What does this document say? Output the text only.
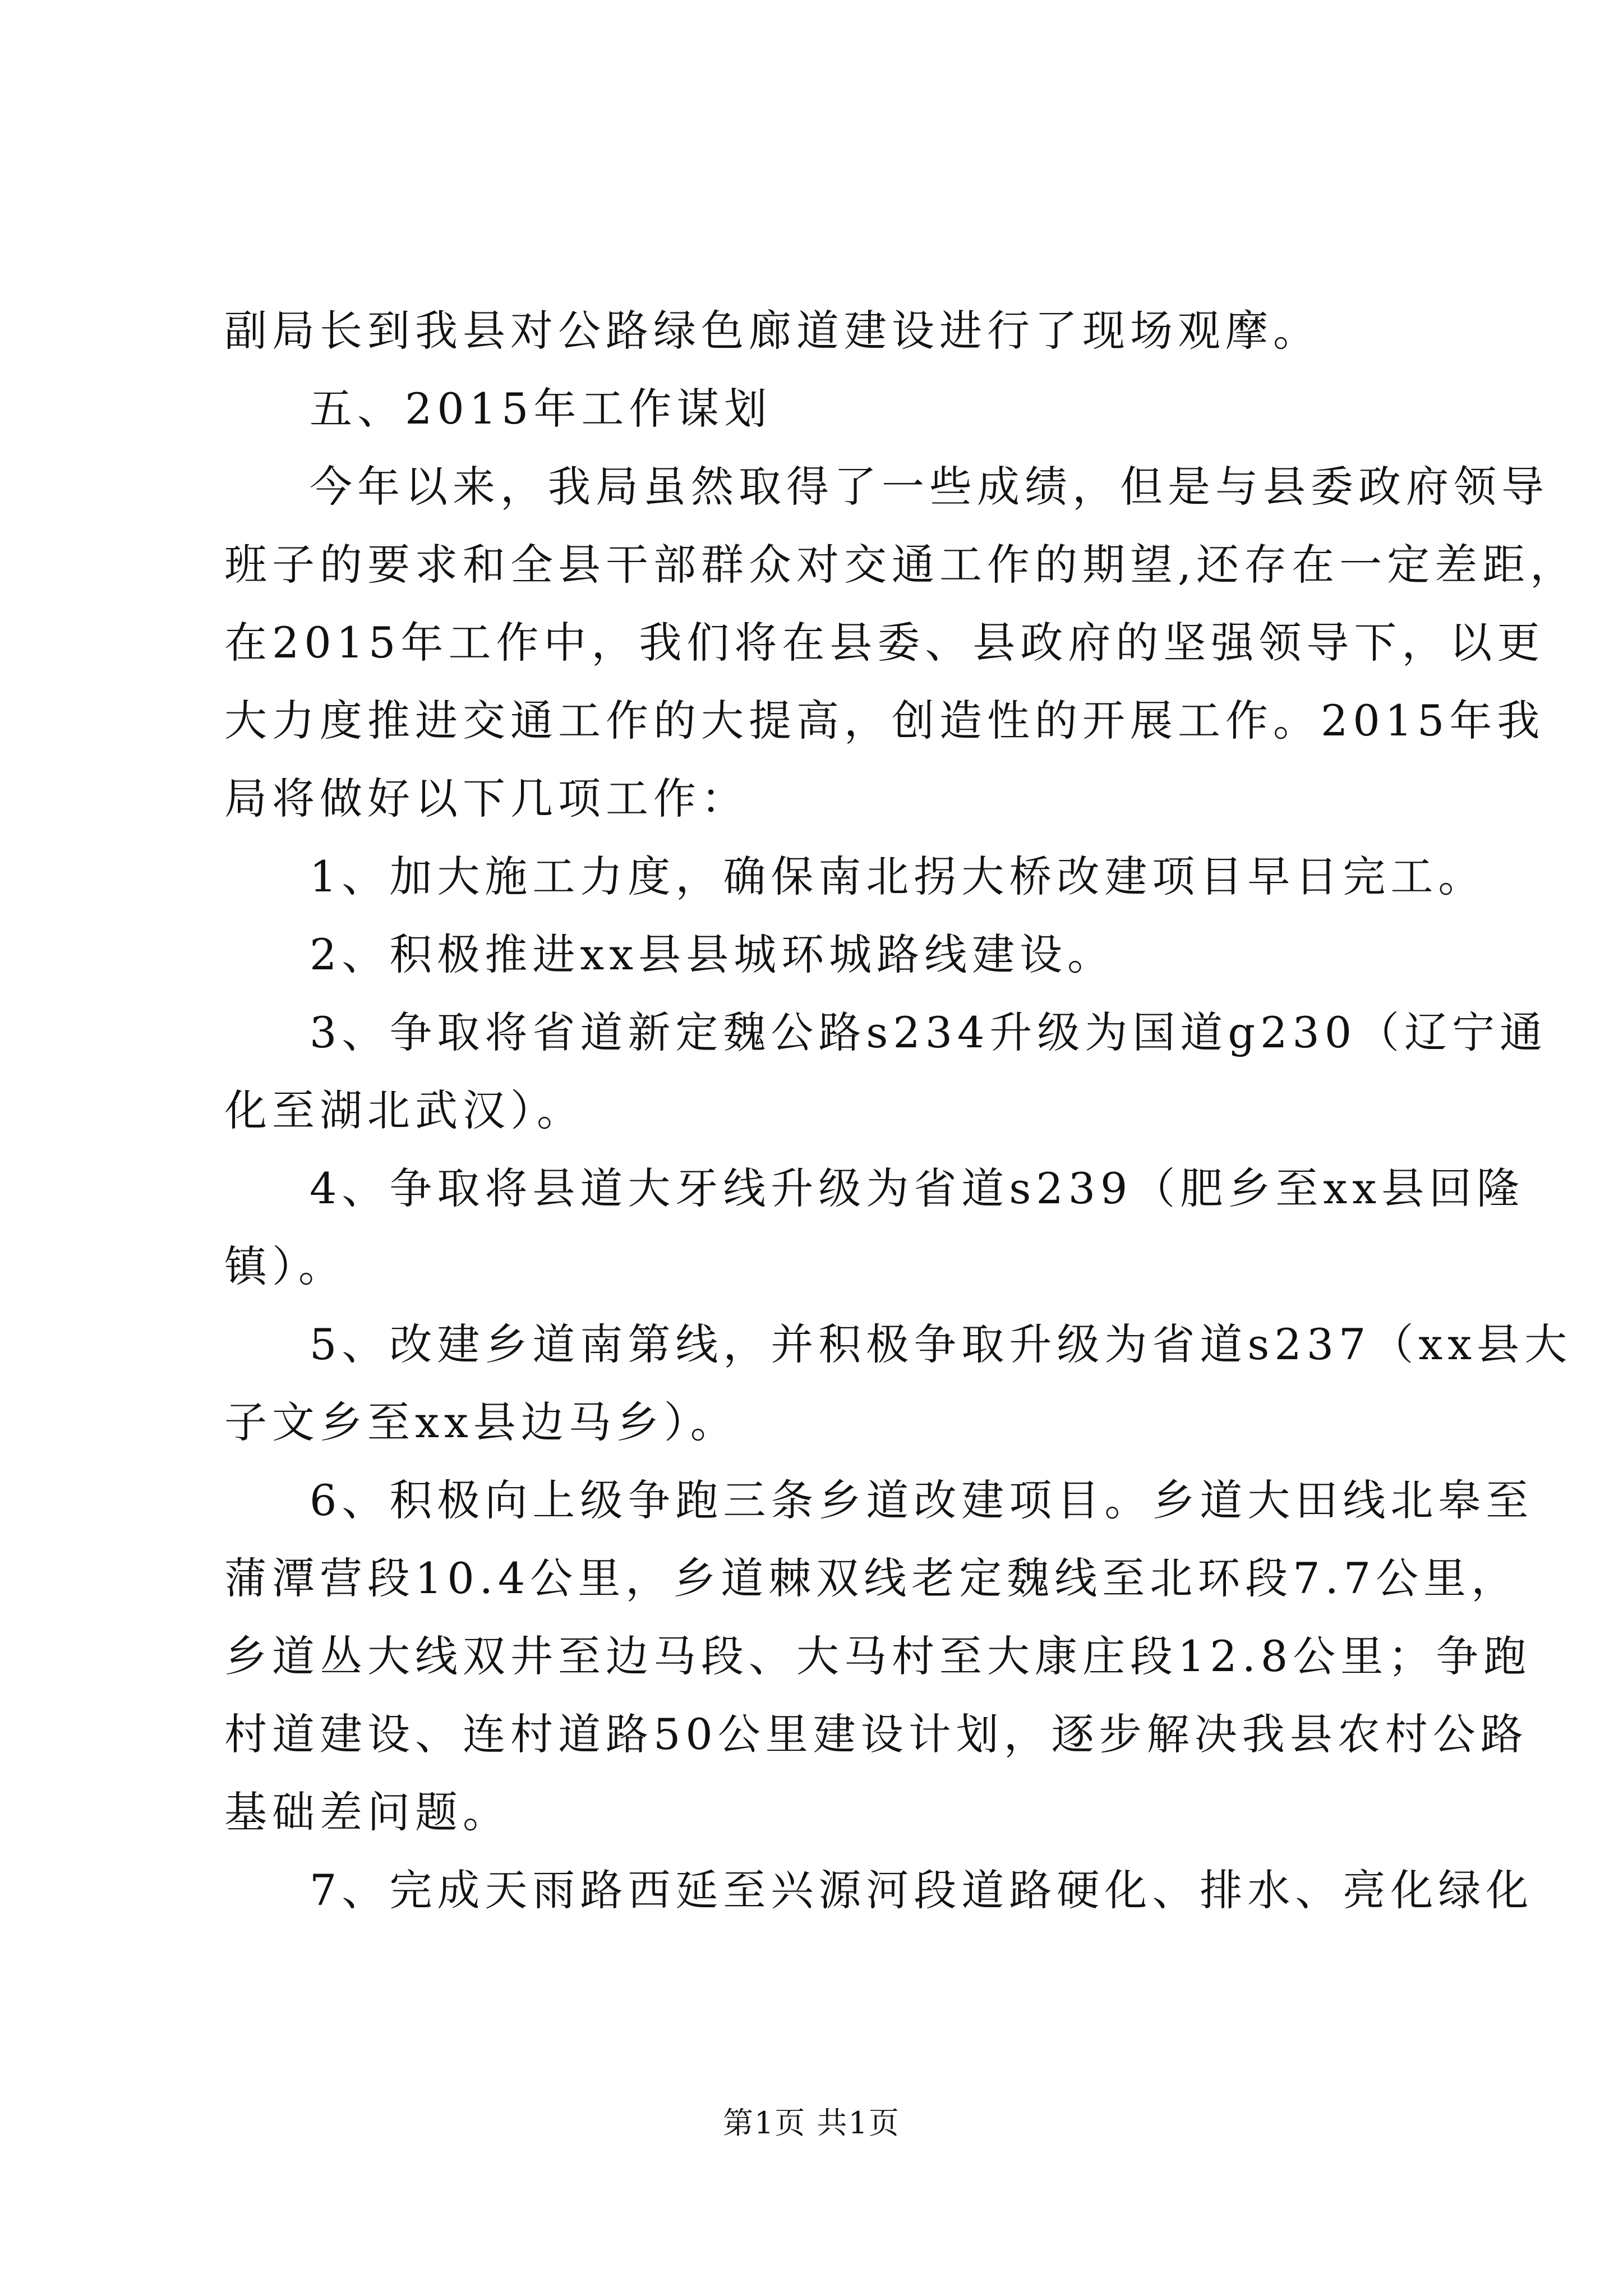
副局长到我县对公路绿色廊道建设进行了现场观摩。
五、2015年工作谋划
今年以来，我局虽然取得了一些成绩，但是与县委政府领导
班子的要求和全县干部群众对交通工作的期望,还存在一定差距，
在2015年工作中，我们将在县委、县政府的坚强领导下，以更
大力度推进交通工作的大提高，创造性的开展工作。2015年我
局将做好以下几项工作：
1、加大施工力度，确保南北拐大桥改建项目早日完工。
2、积极推进xx县县城环城路线建设。
3、争取将省道新定魏公路s234升级为国道g230（辽宁通
化至湖北武汉）。
4、争取将县道大牙线升级为省道s239（肥乡至xx县回隆
镇）。
5、改建乡道南第线，并积极争取升级为省道s237（xx县大
子文乡至xx县边马乡）。
6、积极向上级争跑三条乡道改建项目。乡道大田线北皋至
蒲潭营段10.4公里，乡道棘双线老定魏线至北环段7.7公里，
乡道丛大线双井至边马段、大马村至大康庄段12.8公里；争跑
村道建设、连村道路50公里建设计划，逐步解决我县农村公路
基础差问题。
7、完成天雨路西延至兴源河段道路硬化、排水、亮化绿化
第1页 共1页
